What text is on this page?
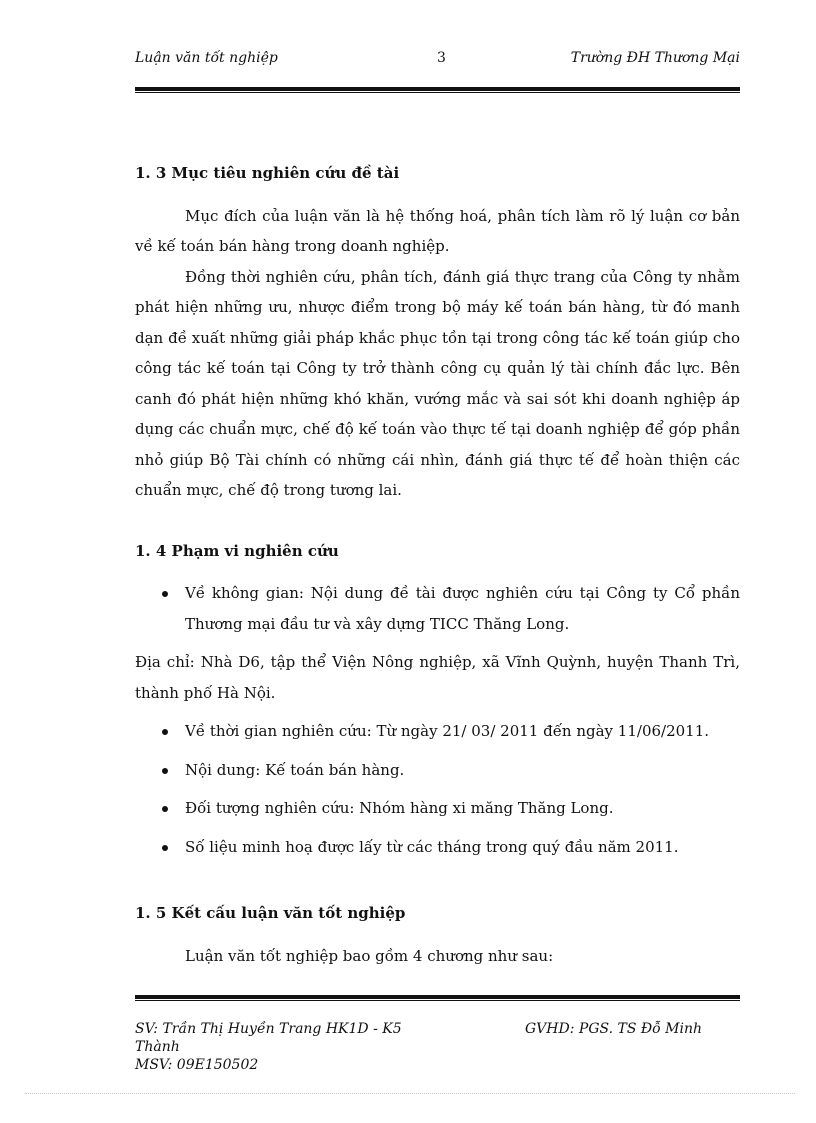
Luận văn tốt nghiệp	3	Trường ĐH Thương Mại

1. 3 Mục tiêu nghiên cứu đề tài

Mục đích của luận văn là hệ thống hoá, phân tích làm rõ lý luận cơ bản về kế toán bán hàng trong doanh nghiệp.

Đồng thời nghiên cứu, phân tích, đánh giá thực trang của Công ty nhằm phát hiện những ưu, nhược điểm trong bộ máy kế toán bán hàng, từ đó manh dạn đề xuất những giải pháp khắc phục tồn tại trong công tác kế toán giúp cho công tác kế toán tại Công ty trở thành công cụ quản lý tài chính đắc lực. Bên canh đó phát hiện những khó khăn, vướng mắc và sai sót khi doanh nghiệp áp dụng các chuẩn mực, chế độ kế toán vào thực tế tại doanh nghiệp để góp phần nhỏ giúp Bộ Tài chính có những cái nhìn, đánh giá thực tế để hoàn thiện các chuẩn mực, chế độ trong tương lai.

1. 4 Phạm vi nghiên cứu

Về không gian: Nội dung đề tài được nghiên cứu tại Công ty Cổ phần Thương mại đầu tư và xây dựng TICC Thăng Long.

Địa chỉ: Nhà D6, tập thể Viện Nông nghiệp, xã Vĩnh Quỳnh, huyện Thanh Trì, thành phố Hà Nội.

Về thời gian nghiên cứu: Từ ngày 21/ 03/ 2011 đến ngày 11/06/2011.
Nội dung: Kế toán bán hàng.
Đối tượng nghiên cứu: Nhóm hàng xi măng Thăng Long.
Số liệu minh hoạ được lấy từ các tháng trong quý đầu năm 2011.

1. 5 Kết cấu luận văn tốt nghiệp

Luận văn tốt nghiệp bao gồm 4 chương như sau:

SV: Trần Thị Huyền Trang HK1D - K5
Thành
MSV: 09E150502
GVHD: PGS. TS Đỗ Minh
